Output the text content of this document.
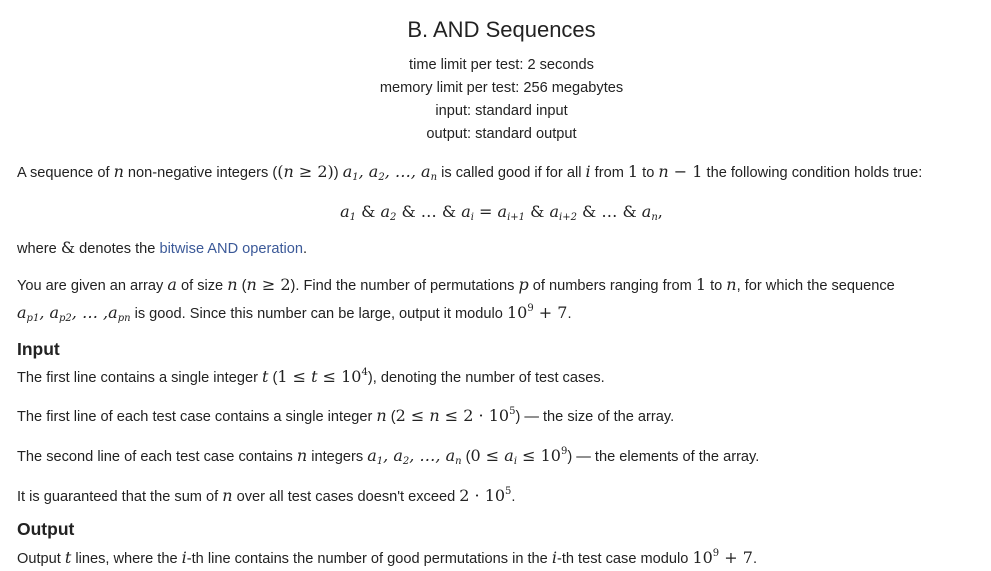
B. AND Sequences
time limit per test: 2 seconds
memory limit per test: 256 megabytes
input: standard input
output: standard output
A sequence of n non-negative integers ((n ≥ 2)) $a_1$, $a_2$, …, $a_n$ is called good if for all i from 1 to n − 1 the following condition holds true:
$a_1$ & $a_2$ & … & $a_i = a_{i+1}$ & $a_{i+2}$ & … & $a_n$,
where & denotes the bitwise AND operation.
You are given an array a of size n (n ≥ 2). Find the number of permutations p of numbers ranging from 1 to n, for which the sequence
$a_{p1}$, $a_{p2}$, … $,a_{pn}$ is good. Since this number can be large, output it modulo $10^9 + 7$.
Input
The first line contains a single integer t $(1 \le t \le 10^4)$, denoting the number of test cases.
The first line of each test case contains a single integer n $(2 \le n \le 2 \cdot 10^5)$ — the size of the array.
The second line of each test case contains n integers $a_1$, $a_2$, …, $a_n$ $(0 \le a_i \le 10^9)$ — the elements of the array.
It is guaranteed that the sum of n over all test cases doesn't exceed $2 \cdot 10^5$.
Output
Output t lines, where the i-th line contains the number of good permutations in the i-th test case modulo $10^9 + 7$.
